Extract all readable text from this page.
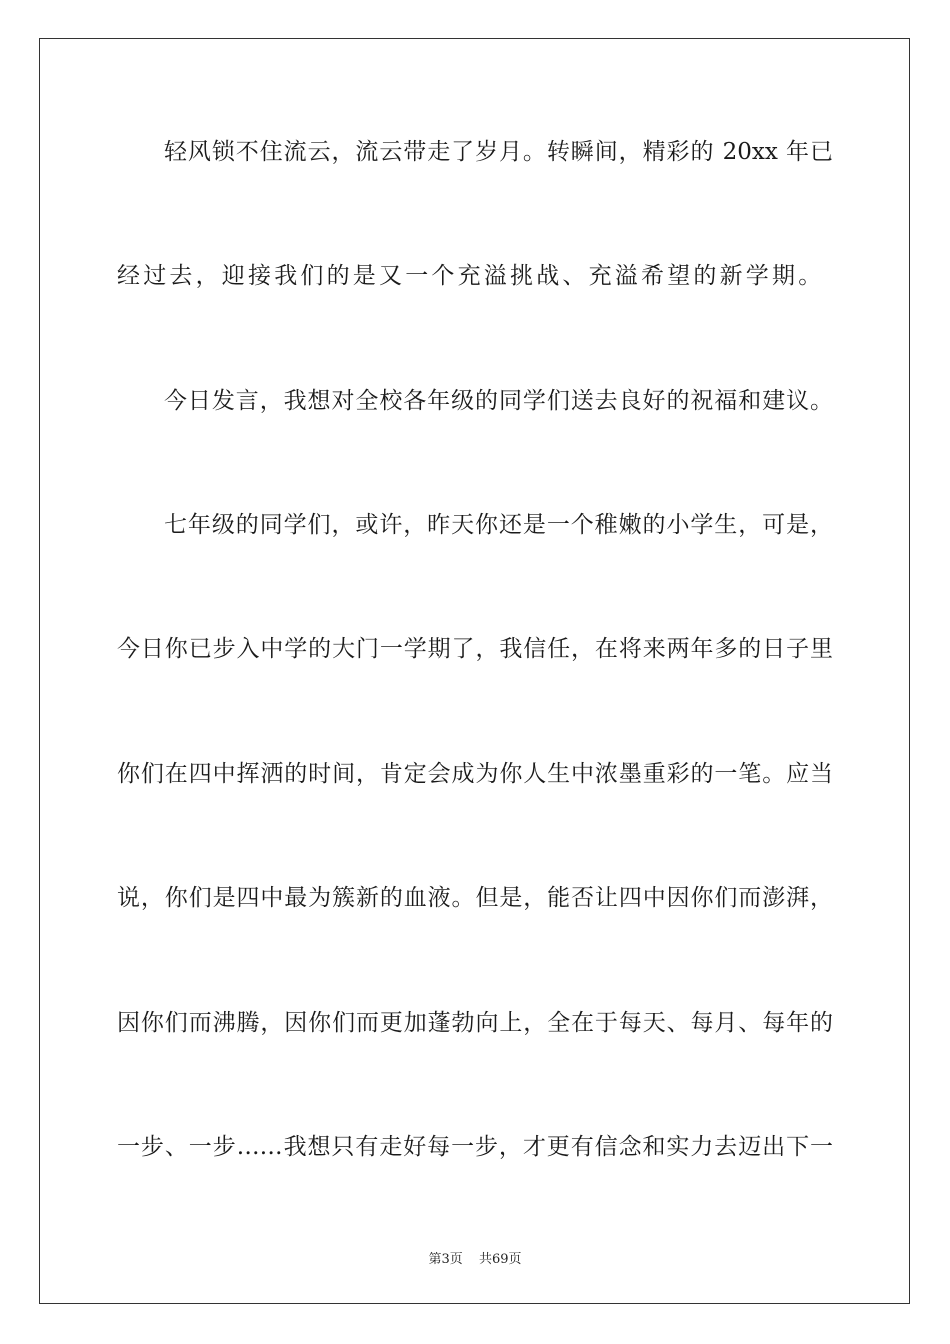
轻风锁不住流云，流云带走了岁月。转瞬间，精彩的 20xx 年已
经过去，迎接我们的是又一个充溢挑战、充溢希望的新学期。
今日发言，我想对全校各年级的同学们送去良好的祝福和建议。
七年级的同学们，或许，昨天你还是一个稚嫩的小学生，可是，
今日你已步入中学的大门一学期了，我信任，在将来两年多的日子里
你们在四中挥洒的时间，肯定会成为你人生中浓墨重彩的一笔。应当
说，你们是四中最为簇新的血液。但是，能否让四中因你们而澎湃，
因你们而沸腾，因你们而更加蓬勃向上，全在于每天、每月、每年的
一步、一步……我想只有走好每一步，才更有信念和实力去迈出下一
第3页 共69页
